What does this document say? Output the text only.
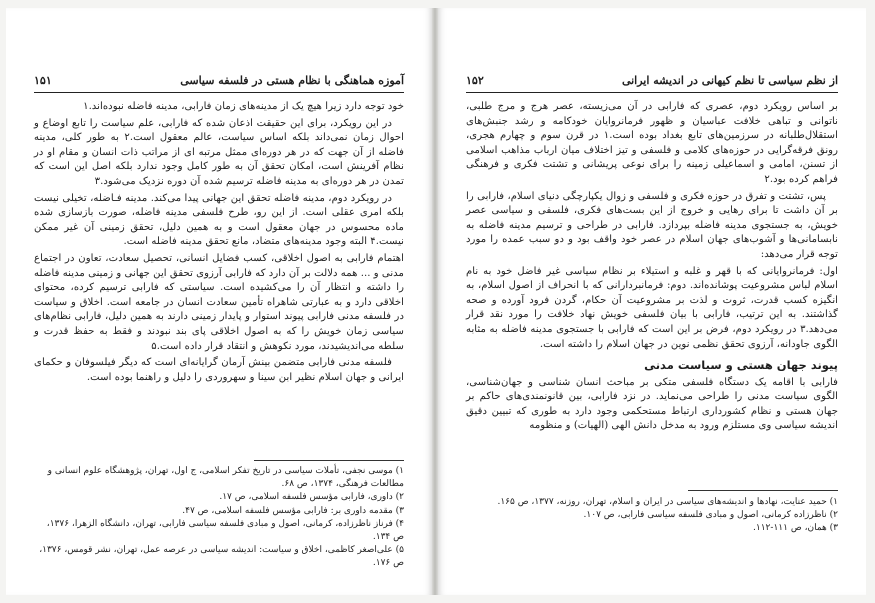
آموزه هماهنگی با نظام هستی در فلسفه سیاسی
۱۵۱

خود توجه دارد زیرا هیچ یک از مدینه‌های زمان فارابی، مدینه فاضله نبوده‌اند.۱

در این رویکرد، برای این حقیقت اذعان شده که فارابی، علم سیاست را تابع اوضاع و احوال زمان نمی‌داند بلکه اساس سیاست، عالم معقول است.۲ به طور کلی، مدینه فاضله از آن جهت که در هر دوره‌ای ممثل مرتبه ای از مراتب ذات انسان و مقام او در نظام آفرینش است، امکان تحقق آن به طور کامل وجود ندارد بلکه اصل این است که تمدن در هر دوره‌ای به مدینه فاضله ترسیم شده آن دوره نزدیک می‌شود.۳

در رویکرد دوم، مدینه فاضله تحقق این جهانی پیدا می‌کند. مدینه فـاضله، تخیلی نیست بلکه امری عقلی است. از این رو، طرح فلسفی مدینه فاضله، صورت بازسازی شده ماده محسوس در جهان معقول است و به همین دلیل، تحقق زمینی آن غیر ممکن نیست.۴ البته وجود مدینه‌های متضاد، مانع تحقق مدینه فاضله است.

اهتمام فارابی به اصول اخلاقی، کسب فضایل انسانی، تحصیل سعادت، تعاون در اجتماع مدنی و ... همه دلالت بر آن دارد که فارابی آرزوی تحقق این جهانی و زمینی مدینه فاضله را داشته و انتظار آن را می‌کشیده است. سیاستی که فارابی ترسیم کرده، محتوای اخلاقی دارد و به عبارتی شاهراه تأمین سعادت انسان در جامعه است. اخلاق و سیاست در فلسفه مدنی فارابی پیوند استوار و پایدار زمینی دارند به همین دلیل، فارابی نظام‌های سیاسی زمان خویش را که به اصول اخلاقی پای بند نبودند و فقط به حفظ قدرت و سلطه می‌اندیشیدند، مورد نکوهش و انتقاد قرار داده است.۵

فلسفه مدنی فارابی متضمن بینش آرمان گرایانه‌ای است که دیگر فیلسوفان و حکمای ایرانی و جهان اسلام نظیر ابن سینا و سهروردی را دلیل و راهنما بوده است.

۱) موسی نجفی، تأملات سیاسی در تاریخ تفکر اسلامی، ج اول، تهران، پژوهشگاه علوم انسانی و مطالعات فرهنگی، ۱۳۷۴، ص ۶۸.
۲) داوری، فارابی مؤسس فلسفه اسلامی، ص ۱۷.
۳) مقدمه داوری بر: فارابی مؤسس فلسفه اسلامی، ص ۴۷.
۴) فرناز ناظرزاده، کرمانی، اصول و مبادی فلسفه سیاسی فارابی، تهران، دانشگاه الزهرا، ۱۳۷۶، ص ۱۳۴.
۵) علی‌اصغر کاظمی، اخلاق و سیاست: اندیشه سیاسی در عرصه عمل، تهران، نشر قومس، ۱۳۷۶، ص ۱۷۶.
از نظم سیاسی تا نظم کیهانی در اندیشه ایرانی
۱۵۲

بر اساس رویکرد دوم، عصری که فارابی در آن می‌زیسته، عصر هرج و مرج طلبی، ناتوانی و تباهی خلافت عباسیان و ظهور فرمانروایان خودکامه و رشد جنبش‌های استقلال‌طلبانه در سرزمین‌های تابع بغداد بوده است.۱ در قرن سوم و چهارم هجری، رونق فرقه‌گرایی در حوزه‌های کلامی و فلسفی و تیز اختلاف میان ارباب مذاهب اسلامی از تسنن، امامی و اسماعیلی زمینه را برای نوعی پریشانی و تشتت فکری و فرهنگی فراهم کرده بود.۲

پس، تشتت و تفرق در حوزه فکری و فلسفی و زوال یکپارچگی دنیای اسلام، فارابی را بر آن داشت تا برای رهایی و خروج از این بست‌های فکری، فلسفی و سیاسی عصر خویش، به جستجوی مدینه فاضله بپردازد. فارابی در طراحی و ترسیم مدینه فاضله به نابسامانی‌ها و آشوب‌های جهان اسلام در عصر خود واقف بود و دو سبب عمده را مورد توجه قرار می‌دهد:

اول: فرمانروایانی که با قهر و غلبه و استیلاء بر نظام سیاسی غیر فاضل خود به نام اسلام لباس مشروعیت پوشانده‌اند. دوم: فرمانبردارانی که با انحراف از اصول اسلام، به انگیزه کسب قدرت، ثروت و لذت بر مشروعیت آن حکام، گردن فرود آورده و صحه گذاشتند. به این ترتیب، فارابی با بیان فلسفی خویش نهاد خلافت را مورد نقد قرار می‌دهد.۳ در رویکرد دوم، فرض بر این است که فارابی با جستجوی مدینه فاضله به مثابه الگوی جاودانه، آرزوی تحقق نظمی نوین در جهان اسلام را داشته است.

پیوند جهان هستی و سیاست مدنی

فارابی با اقامه یک دستگاه فلسفی متکی بر مباحث انسان شناسی و جهان‌شناسی، الگوی سیاست مدنی را طراحی می‌نماید. در نزد فارابی، بین قانونمندی‌های حاکم بر جهان هستی و نظام کشورداری ارتباط مستحکمی وجود دارد به طوری که تبیین دقیق اندیشه سیاسی وی مستلزم ورود به مدخل دانش الهی (الهیات) و منظومه

۱) حمید عنایت، نهادها و اندیشه‌های سیاسی در ایران و اسلام، تهران، روزنه، ۱۳۷۷، ص ۱۶۵.
۲) ناظرزاده کرمانی، اصول و مبادی فلسفه سیاسی فارابی، ص ۱۰۷.
۳) همان، ص ۱۱۱-۱۱۲.
